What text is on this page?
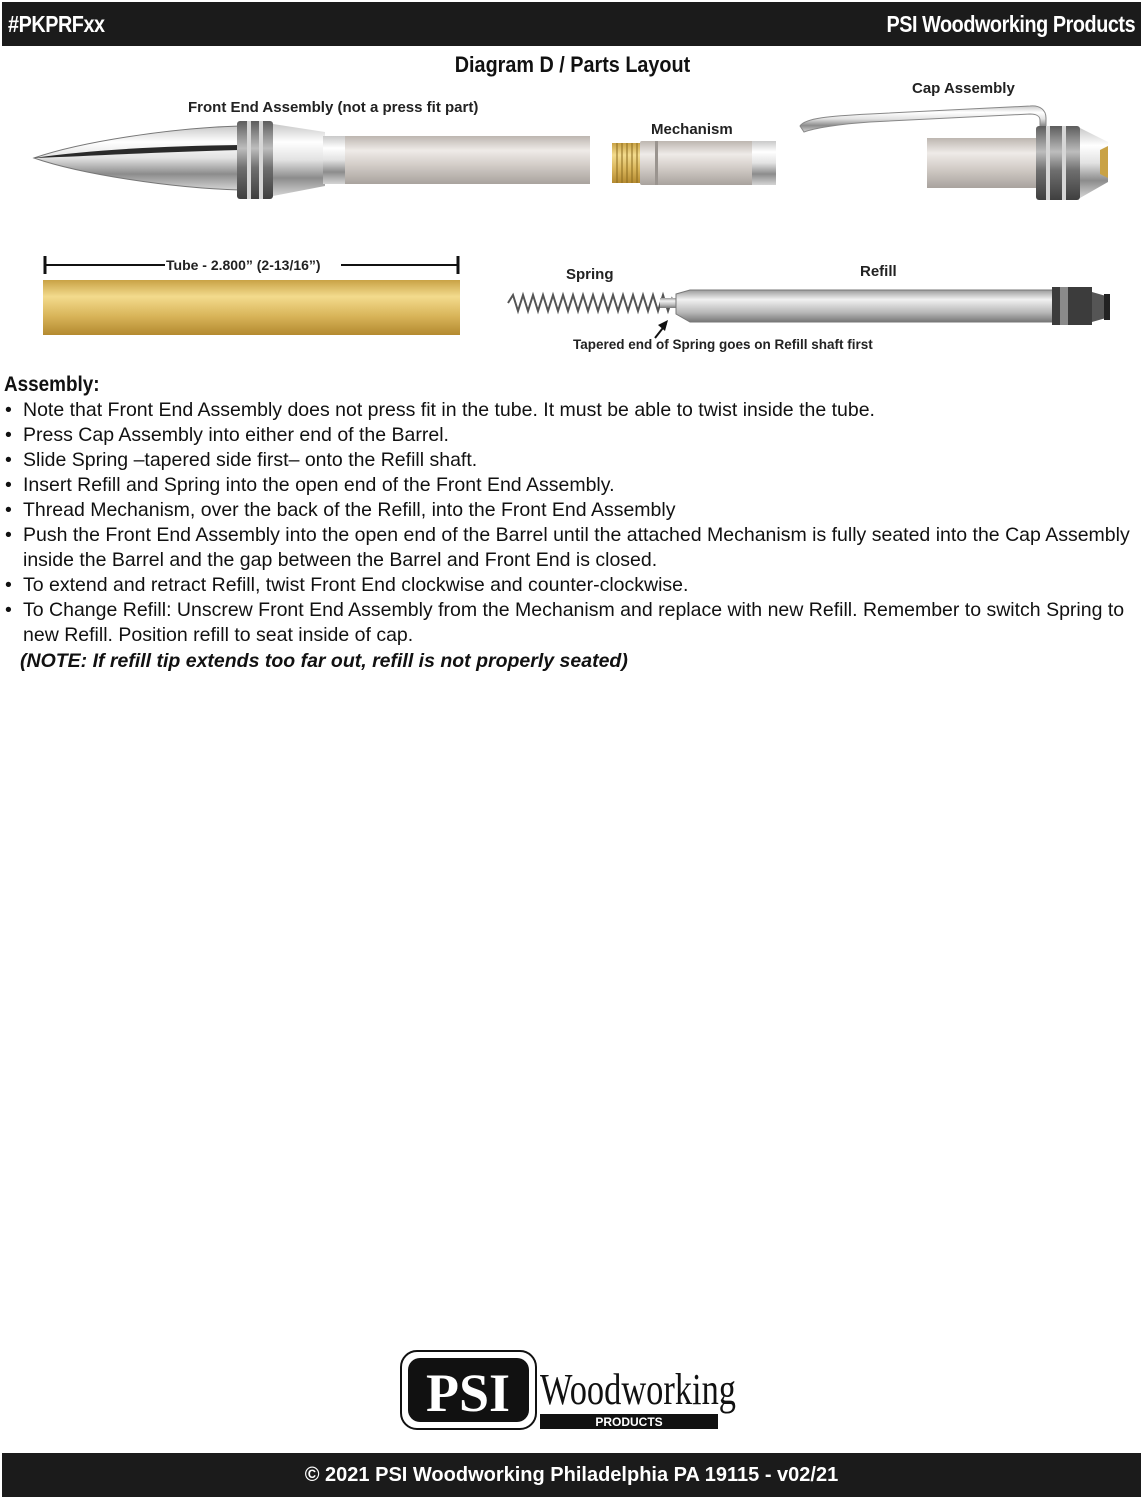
#PKPRFxx	PSI Woodworking Products
Diagram D / Parts Layout
Front End Assembly (not a press fit part)
Mechanism
Cap Assembly
Spring	Refill
Tapered end of Spring goes on Refill shaft first
Tube - 2.800” (2-13/16”)
Assembly:
• Note that Front End Assembly does not press fit in the tube. It must be able to twist inside the tube.
• Press Cap Assembly into either end of the Barrel.
• Slide Spring –tapered side first– onto the Refill shaft.
• Insert Refill and Spring into the open end of the Front End Assembly.
• Thread Mechanism, over the back of the Refill, into the Front End Assembly
• Push the Front End Assembly into the open end of the Barrel until the attached Mechanism is fully seated into the Cap Assembly inside the Barrel and the gap between the Barrel and Front End is closed.
• To extend and retract Refill, twist Front End clockwise and counter-clockwise.
• To Change Refill: Unscrew Front End Assembly from the Mechanism and replace with new Refill. Remember to switch Spring to new Refill. Position refill to seat inside of cap.
(NOTE: If refill tip extends too far out, refill is not properly seated)
PSI Woodworking
PRODUCTS
© 2021 PSI Woodworking Philadelphia PA 19115 - v02/21
